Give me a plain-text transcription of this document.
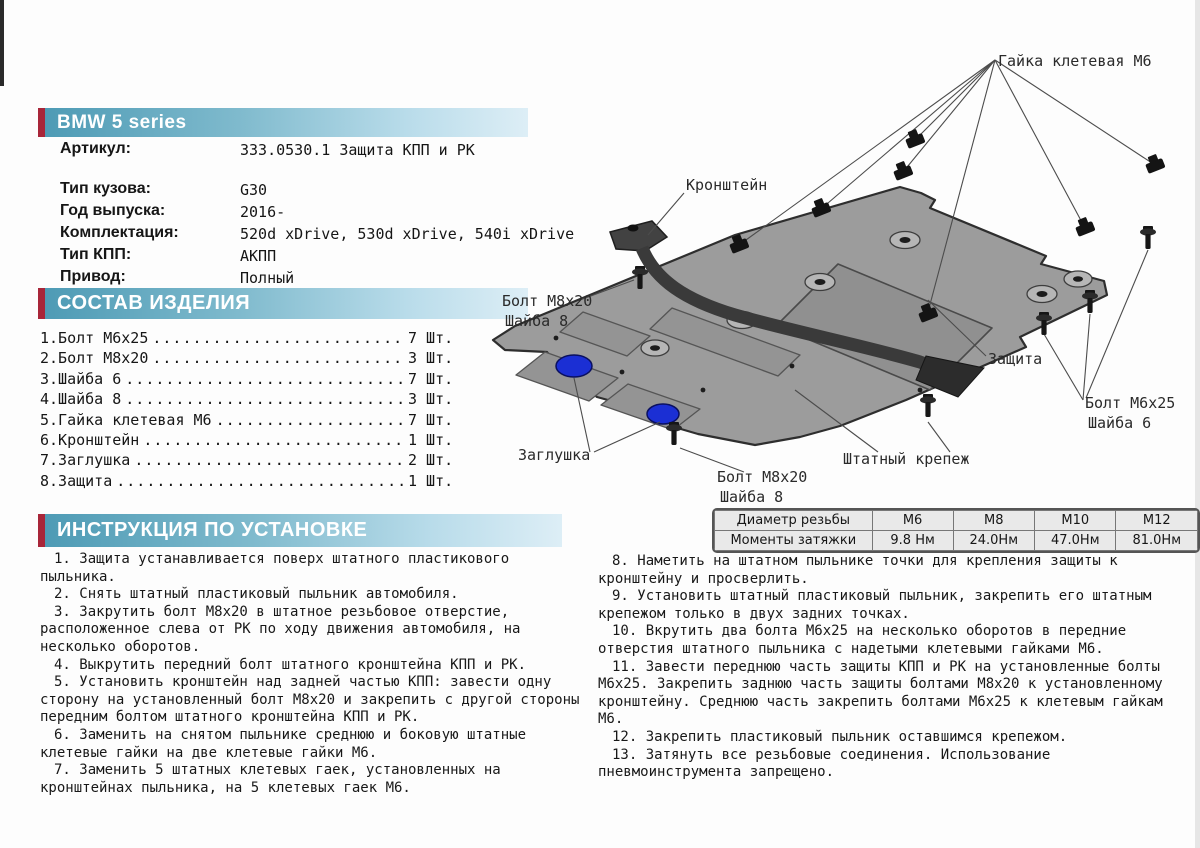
BMW 5 series
Артикул:	333.0530.1 Защита КПП и РК
Тип кузова:	G30
Год выпуска:	2016-
Комплектация:	520d xDrive, 530d xDrive, 540i xDrive
Тип КПП:	АКПП
Привод:	Полный
СОСТАВ ИЗДЕЛИЯ
1.Болт М6х25 .....	7 Шт.
2.Болт М8х20 .....	3 Шт.
3.Шайба 6 .....	7 Шт.
4.Шайба 8 .....	3 Шт.
5.Гайка клетевая М6 .....	7 Шт.
6.Кронштейн .....	1 Шт.
7.Заглушка .....	2 Шт.
8.Защита .....	1 Шт.
ИНСТРУКЦИЯ ПО УСТАНОВКЕ

1. Защита устанавливается поверх штатного пластикового пыльника.

2. Снять штатный пластиковый пыльник автомобиля.

3. Закрутить болт М8х20 в штатное резьбовое отверстие, расположенное слева от РК по ходу движения автомобиля, на несколько оборотов.

4. Выкрутить передний болт штатного кронштейна КПП и РК.

5. Установить кронштейн над задней частью КПП: завести одну сторону на установленный болт М8х20 и закрепить с другой стороны передним болтом штатного кронштейна КПП и РК.

6. Заменить на снятом пыльнике среднюю и боковую штатные клетевые гайки на две клетевые гайки М6.

7. Заменить 5 штатных клетевых гаек, установленных на кронштейнах пыльника, на 5 клетевых гаек М6.

8. Наметить на штатном пыльнике точки для крепления защиты к кронштейну и просверлить.

9. Установить штатный пластиковый пыльник, закрепить его штатным крепежом только в двух задних точках.

10. Вкрутить два болта М6х25 на несколько оборотов в передние отверстия штатного пыльника с надетыми клетевыми гайками М6.

11. Завести переднюю часть защиты КПП и РК на установленные болты М6х25. Закрепить заднюю часть защиты болтами М8х20 к установленному кронштейну. Среднюю часть закрепить болтами М6х25 к клетевым гайкам М6.

12. Закрепить пластиковый пыльник оставшимся крепежом.

13. Затянуть все резьбовые соединения. Использование пневмоинструмента запрещено.

Диаметр резьбы	М6	М8	М10	М12
Моменты затяжки	9.8 Нм	24.0Нм	47.0Нм	81.0Нм
Гайка клетевая М6
Кронштейн
Болт М8х20
Шайба 8
Защита
Штатный крепеж
Болт М8х20
Шайба 8
Болт М6х25
Шайба 6
Заглушка
